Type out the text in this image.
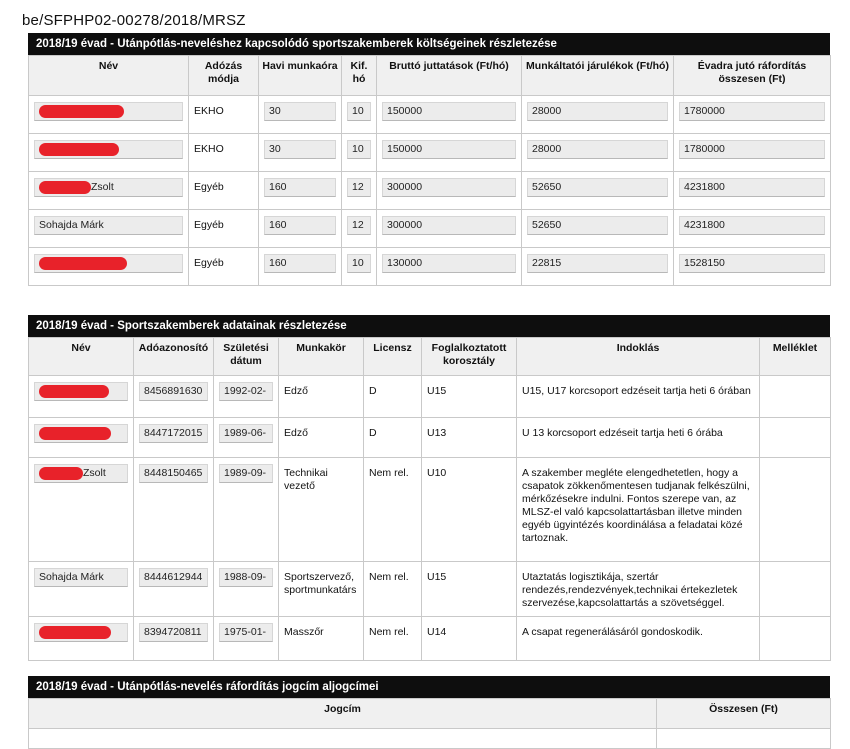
be/SFPHP02-00278/2018/MRSZ
2018/19 évad - Utánpótlás-neveléshez kapcsolódó sportszakemberek költségeinek részletezése
Név	Adózás módja	Havi munkaóra	Kif. hó	Bruttó juttatások (Ft/hó)	Munkáltatói járulékok (Ft/hó)	Évadra jutó ráfordítás összesen (Ft)

	EKHO	30	10	150000	28000	1780000

	EKHO	30	10	150000	28000	1780000

Zsolt	Egyéb	160	12	300000	52650	4231800

Sohajda Márk	Egyéb	160	12	300000	52650	4231800

	Egyéb	160	10	130000	22815	1528150
2018/19 évad - Sportszakemberek adatainak részletezése
Név	Adóazonosító	Születési dátum	Munkakör	Licensz	Foglalkoztatott korosztály	Indoklás	Melléklet

	8456891630	1992-02-	Edző	D	U15	U15, U17 korcsoport edzéseit tartja heti 6 órában	

	8447172015	1989-06-	Edző	D	U13	U 13 korcsoport edzéseit tartja heti 6 órába	

Zsolt	8448150465	1989-09-	Technikai vezető	Nem rel.	U10	A szakember megléte elengedhetetlen, hogy a csapatok zökkenőmentesen tudjanak felkészülni, mérkőzésekre indulni. Fontos szerepe van, az MLSZ-el való kapcsolattartásban illetve minden egyéb ügyintézés koordinálása a feladatai közé tartoznak.	

Sohajda Márk	8444612944	1988-09-	Sportszervező, sportmunkatárs	Nem rel.	U15	Utaztatás logisztikája, szertár rendezés,rendezvények,technikai értekezletek szervezése,kapcsolattartás a szövetséggel.	

	8394720811	1975-01-	Masszőr	Nem rel.	U14	A csapat regenerálásáról gondoskodik.	

2018/19 évad - Utánpótlás-nevelés ráfordítás jogcím aljogcímei
Jogcím	Összesen (Ft)
